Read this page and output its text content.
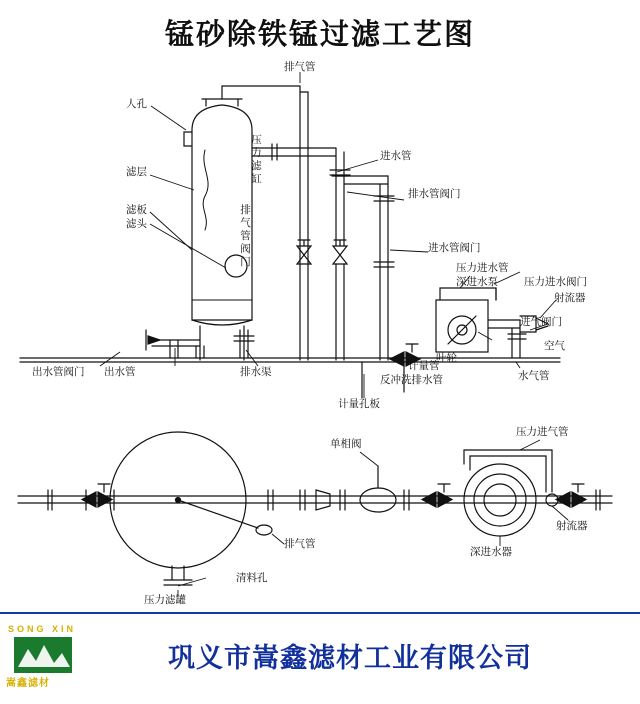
锰砂除铁锰过滤工艺图
排气管
人孔
滤层
滤板
滤头
压力滤缸
排气管阀门
进水管
排水管阀门
进水管阀门
压力进水管
深进水泵 压力进水阀门
射流器
进气阀门
空气
叶轮
水气管
出水管阀门 出水管	排水渠
反冲洗排水管
计量管
计量孔板
单相阀
压力进气管
射流器
深进水器
排气管
清料孔
压力滤罐
SONG XIN
嵩鑫滤材
巩义市嵩鑫滤材工业有限公司
